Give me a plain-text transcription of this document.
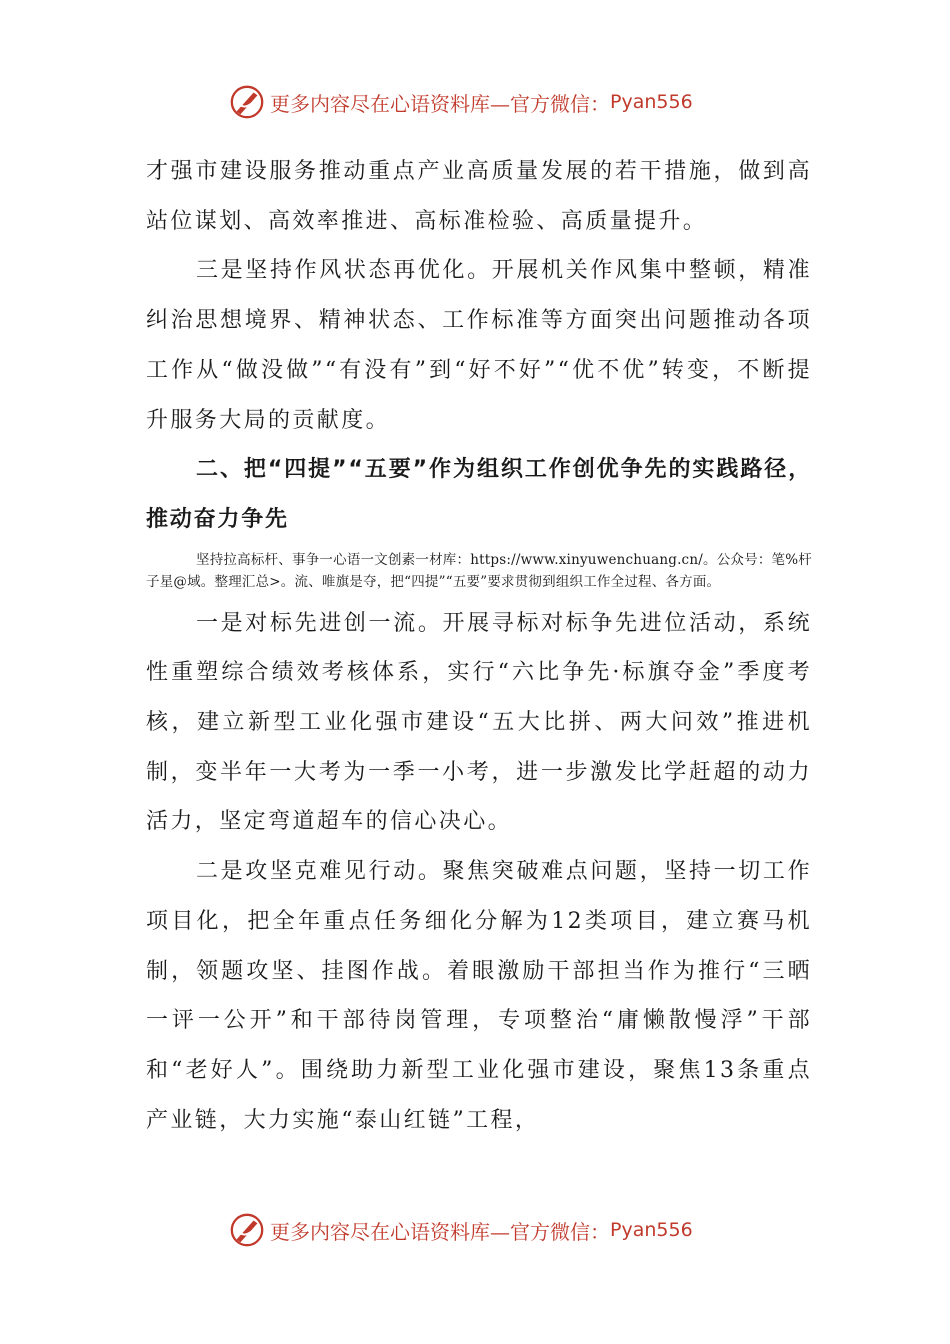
更多内容尽在心语资料库—官方微信： Pyan556

才强市建设服务推动重点产业高质量发展的若干措施，做到高站位谋划、高效率推进、高标准检验、高质量提升。

三是坚持作风状态再优化。开展机关作风集中整顿，精准纠治思想境界、精神状态、工作标准等方面突出问题推动各项工作从“做没做”“有没有”到“好不好”“优不优”转变，不断提升服务大局的贡献度。

二、把“四提”“五要”作为组织工作创优争先的实践路径，推动奋力争先

坚持拉高标杆、事争一心语一文创素一材库：https://www.xinyuwenchuang.cn/。公众号：笔%杆子星@域。整理汇总>。流、唯旗是夺，把“四提”“五要”要求贯彻到组织工作全过程、各方面。

一是对标先进创一流。开展寻标对标争先进位活动，系统性重塑综合绩效考核体系，实行“六比争先·标旗夺金”季度考核，建立新型工业化强市建设“五大比拼、两大问效”推进机制，变半年一大考为一季一小考，进一步激发比学赶超的动力活力，坚定弯道超车的信心决心。

二是攻坚克难见行动。聚焦突破难点问题，坚持一切工作项目化，把全年重点任务细化分解为12类项目，建立赛马机制，领题攻坚、挂图作战。着眼激励干部担当作为推行“三晒一评一公开”和干部待岗管理，专项整治“庸懒散慢浮”干部和“老好人”。围绕助力新型工业化强市建设，聚焦13条重点产业链，大力实施“泰山红链”工程，

更多内容尽在心语资料库—官方微信： Pyan556
